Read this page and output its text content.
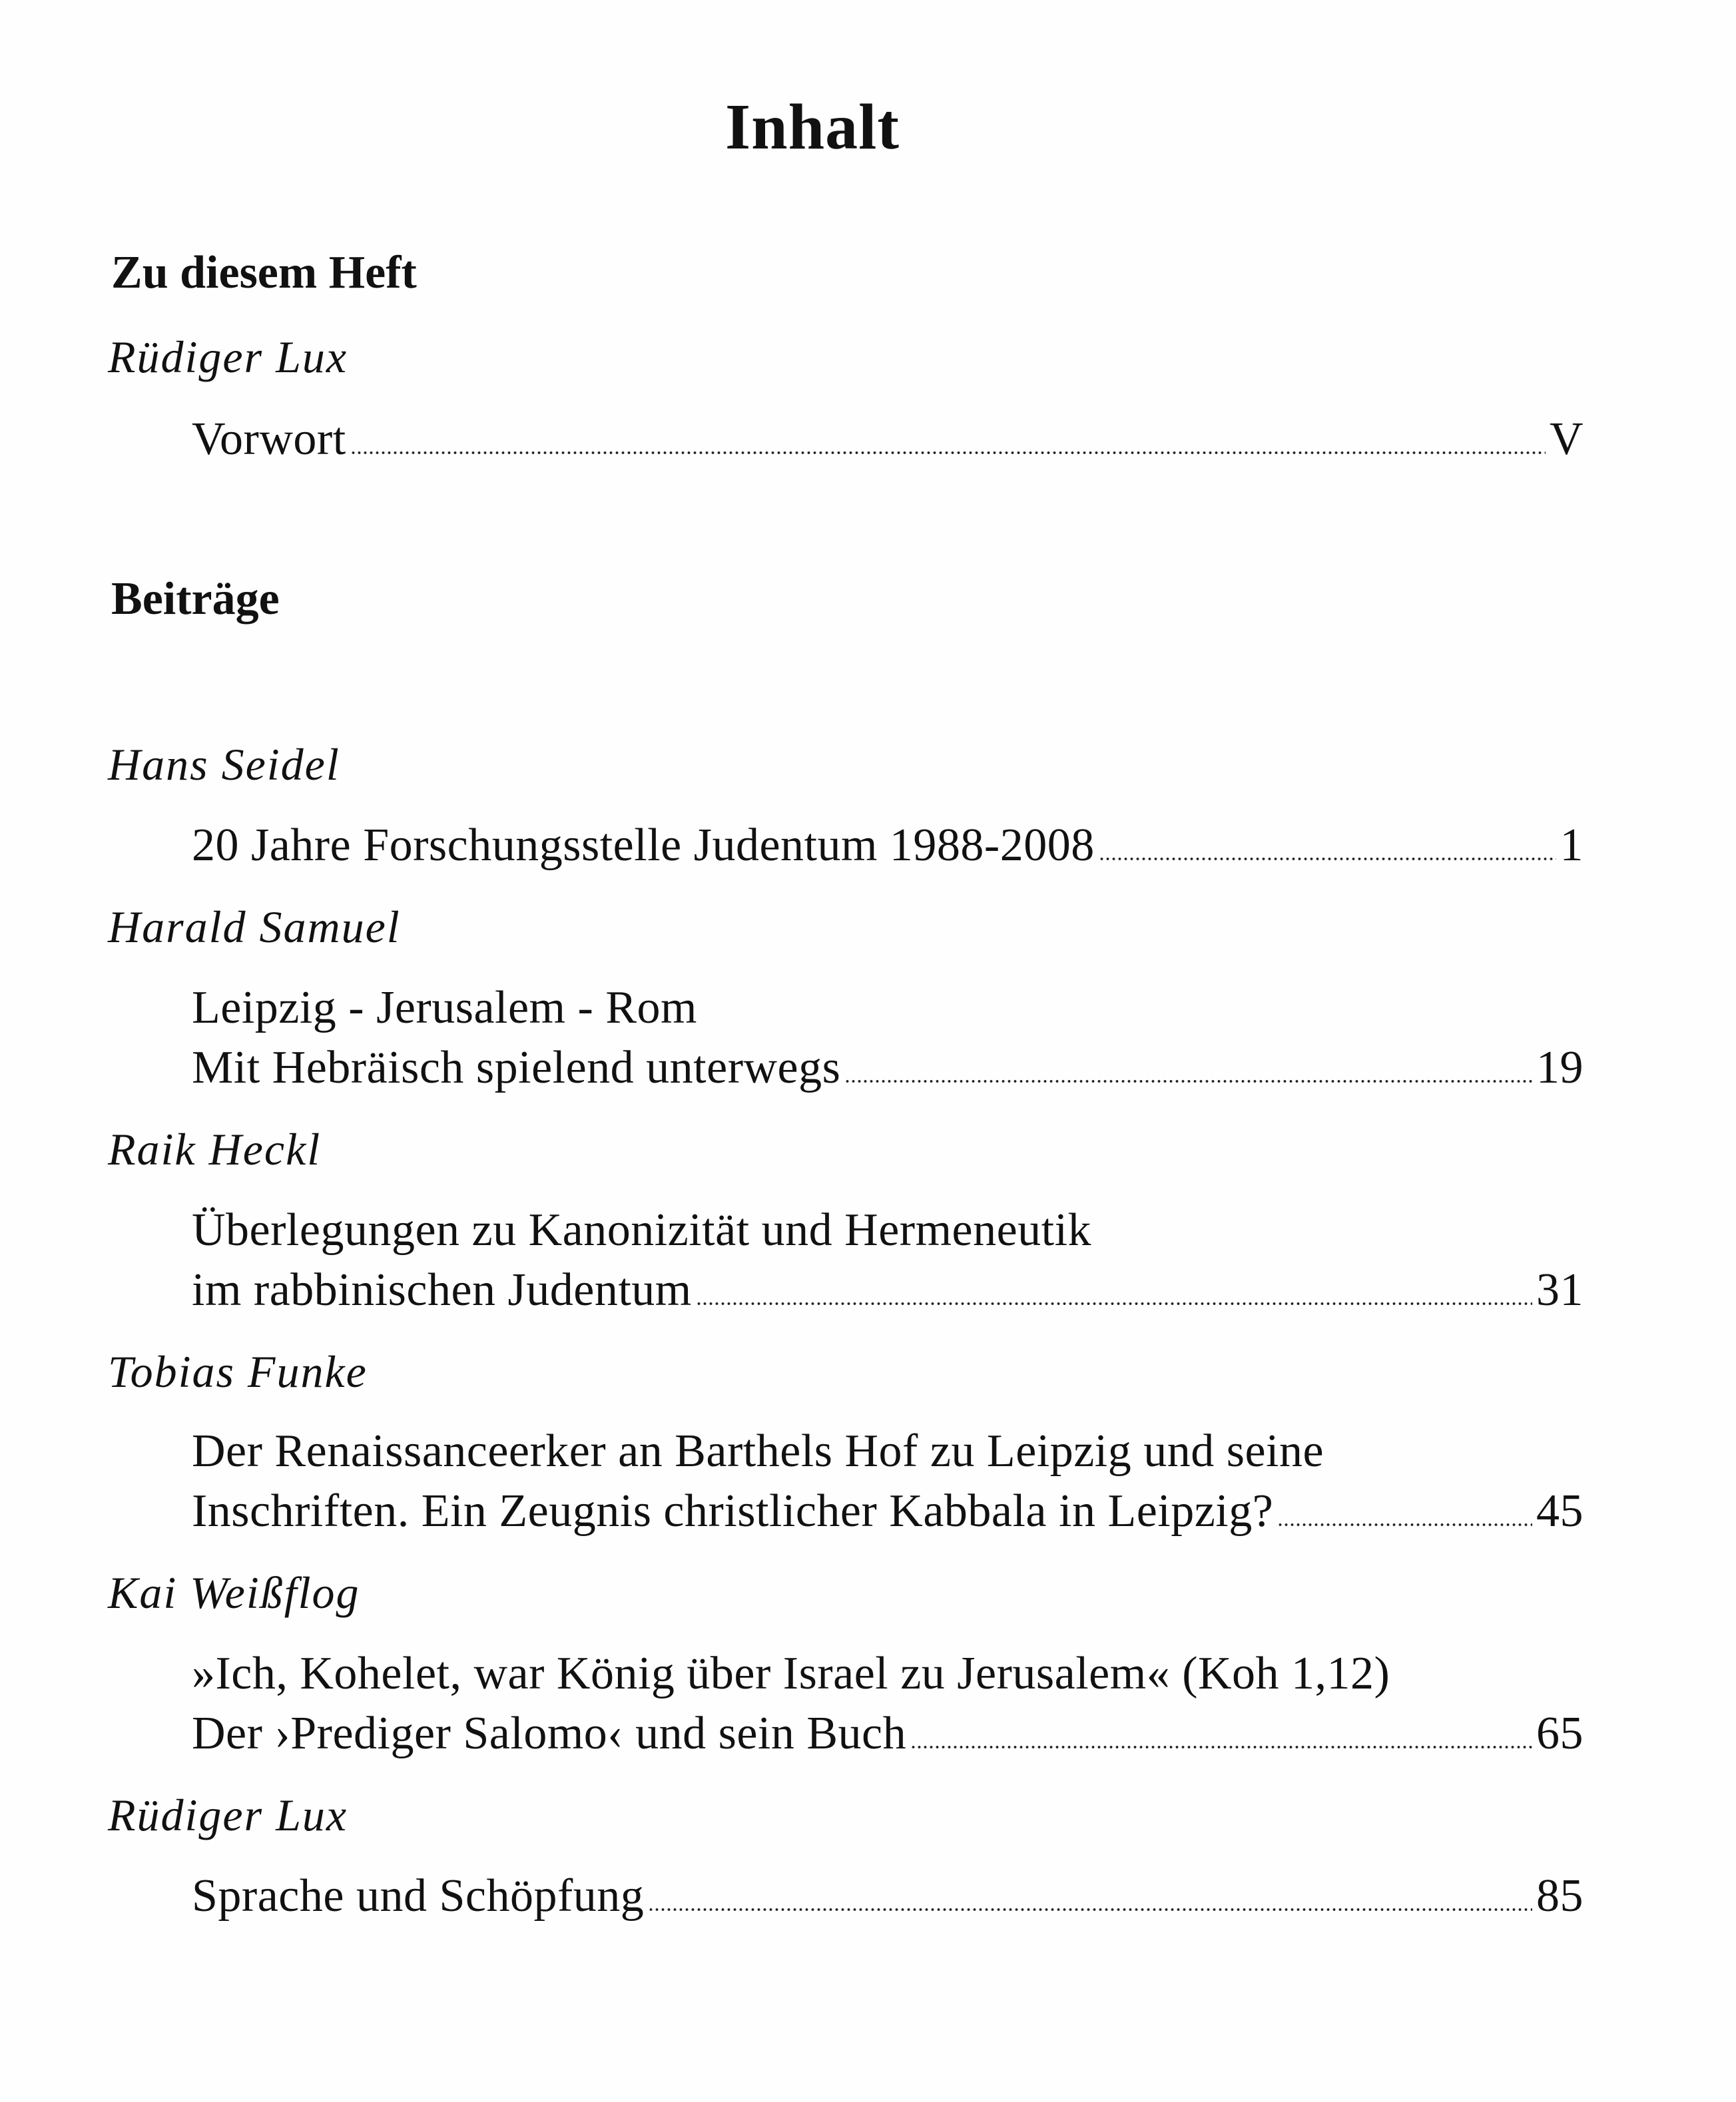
Inhalt
Zu diesem Heft
Rüdiger Lux
Vorwort	V
Beiträge
Hans Seidel
20 Jahre Forschungsstelle Judentum 1988-2008	1
Harald Samuel
Leipzig - Jerusalem - Rom
Mit Hebräisch spielend unterwegs	19
Raik Heckl
Überlegungen zu Kanonizität und Hermeneutik
im rabbinischen Judentum	31
Tobias Funke
Der Renaissanceerker an Barthels Hof zu Leipzig und seine
Inschriften. Ein Zeugnis christlicher Kabbala in Leipzig?	45
Kai Weißflog
»Ich, Kohelet, war König über Israel zu Jerusalem« (Koh 1,12)
Der ›Prediger Salomo‹ und sein Buch	65
Rüdiger Lux
Sprache und Schöpfung	85
